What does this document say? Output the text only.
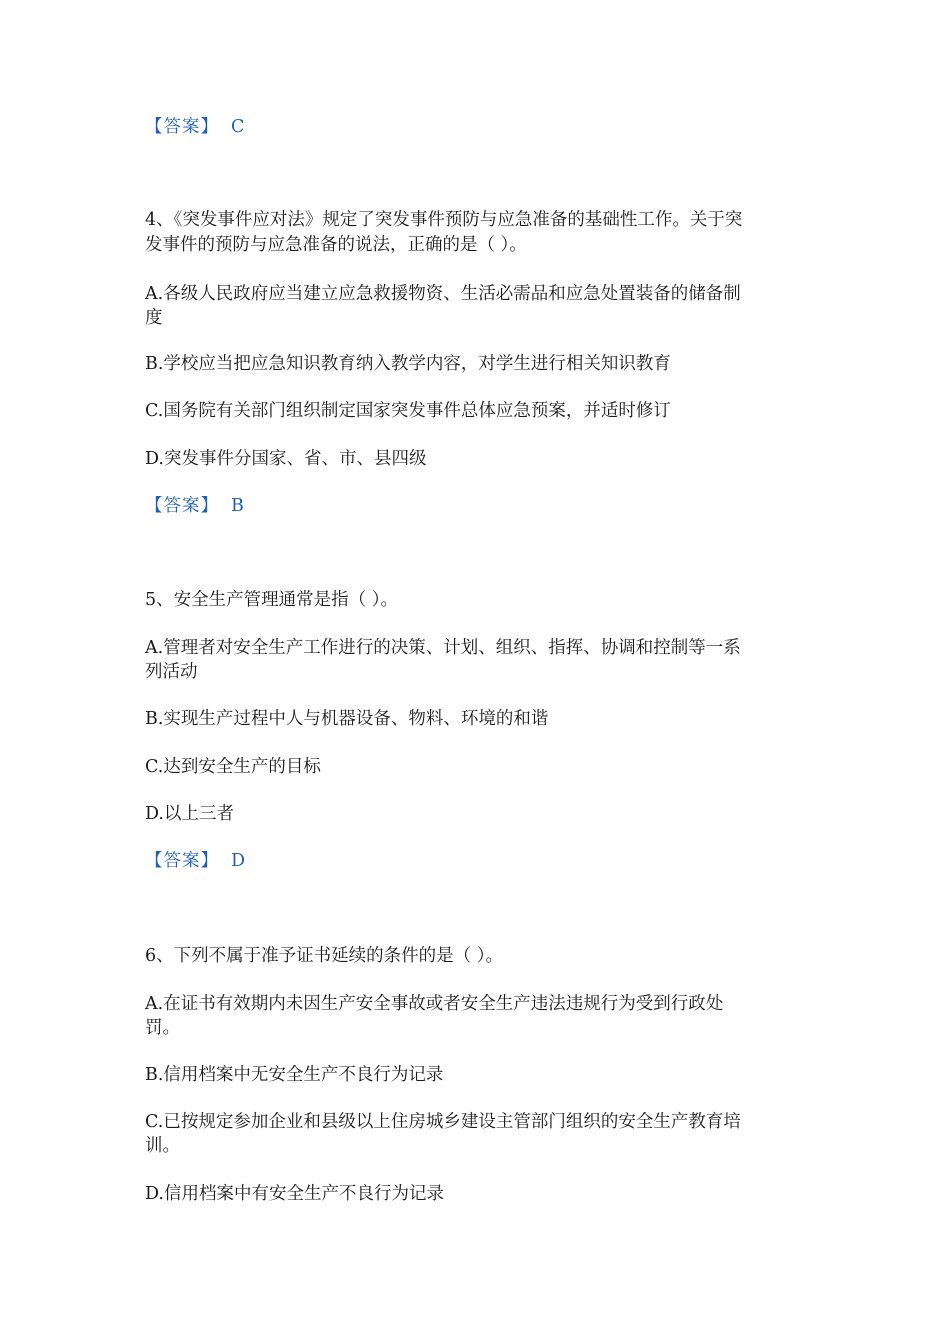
【答案】 C
4、《突发事件应对法》规定了突发事件预防与应急准备的基础性工作。关于突
发事件的预防与应急准备的说法，正确的是（ ）。
A.各级人民政府应当建立应急救援物资、生活必需品和应急处置装备的储备制
度
B.学校应当把应急知识教育纳入教学内容，对学生进行相关知识教育
C.国务院有关部门组织制定国家突发事件总体应急预案，并适时修订
D.突发事件分国家、省、市、县四级
【答案】 B
5、安全生产管理通常是指（ ）。
A.管理者对安全生产工作进行的决策、计划、组织、指挥、协调和控制等一系
列活动
B.实现生产过程中人与机器设备、物料、环境的和谐
C.达到安全生产的目标
D.以上三者
【答案】 D
6、下列不属于准予证书延续的条件的是（ ）。
A.在证书有效期内未因生产安全事故或者安全生产违法违规行为受到行政处
罚。
B.信用档案中无安全生产不良行为记录
C.已按规定参加企业和县级以上住房城乡建设主管部门组织的安全生产教育培
训。
D.信用档案中有安全生产不良行为记录
